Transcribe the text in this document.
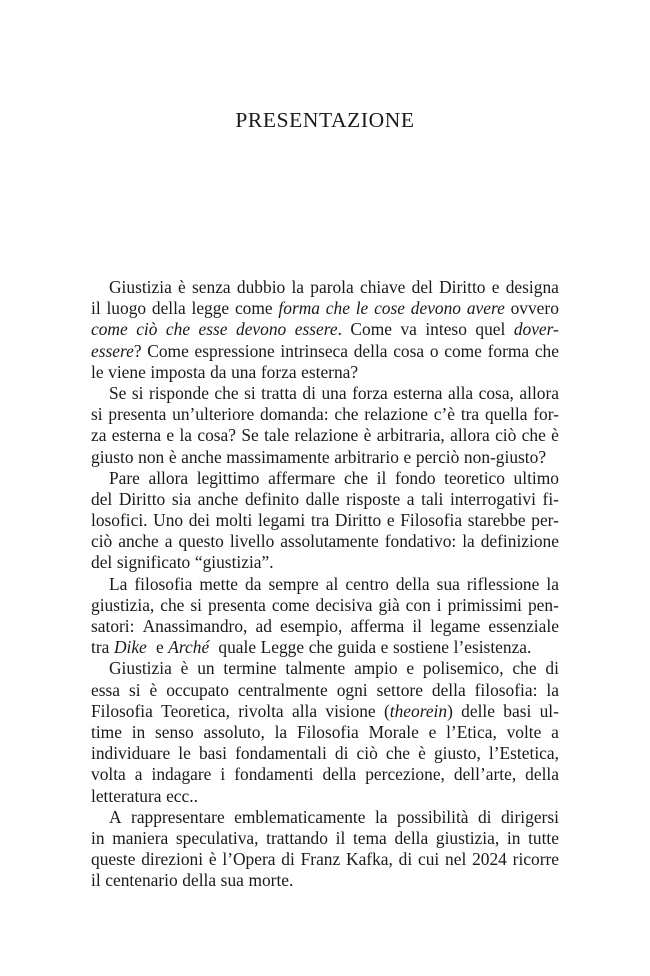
PRESENTAZIONE
Giustizia è senza dubbio la parola chiave del Diritto e designa
il luogo della legge come forma che le cose devono avere ovvero
come ciò che esse devono essere. Come va inteso quel dover-
essere? Come espressione intrinseca della cosa o come forma che
le viene imposta da una forza esterna?
Se si risponde che si tratta di una forza esterna alla cosa, allora
si presenta un’ulteriore domanda: che relazione c’è tra quella for-
za esterna e la cosa? Se tale relazione è arbitraria, allora ciò che è
giusto non è anche massimamente arbitrario e perciò non-giusto?
Pare allora legittimo affermare che il fondo teoretico ultimo
del Diritto sia anche definito dalle risposte a tali interrogativi fi-
losofici. Uno dei molti legami tra Diritto e Filosofia starebbe per-
ciò anche a questo livello assolutamente fondativo: la definizione
del significato “giustizia”.
La filosofia mette da sempre al centro della sua riflessione la
giustizia, che si presenta come decisiva già con i primissimi pen-
satori: Anassimandro, ad esempio, afferma il legame essenziale
tra Dike e Arché quale Legge che guida e sostiene l’esistenza.
Giustizia è un termine talmente ampio e polisemico, che di
essa si è occupato centralmente ogni settore della filosofia: la
Filosofia Teoretica, rivolta alla visione (theorein) delle basi ul-
time in senso assoluto, la Filosofia Morale e l’Etica, volte a
individuare le basi fondamentali di ciò che è giusto, l’Estetica,
volta a indagare i fondamenti della percezione, dell’arte, della
letteratura ecc..
A rappresentare emblematicamente la possibilità di dirigersi
in maniera speculativa, trattando il tema della giustizia, in tutte
queste direzioni è l’Opera di Franz Kafka, di cui nel 2024 ricorre
il centenario della sua morte.
